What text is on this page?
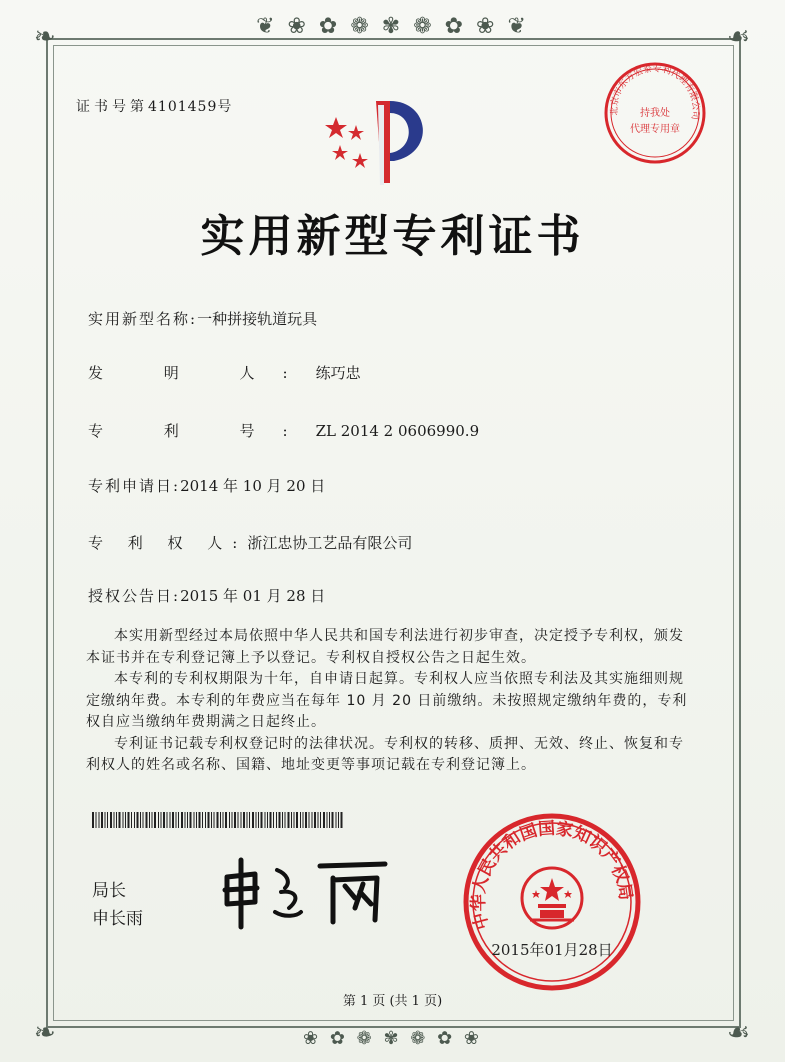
❦ ❀ ✿ ❁ ✾ ❁ ✿ ❀ ❦
❧	☙
❧	☙
❀ ✿ ❁ ✾ ❁ ✿ ❀
证书号第4101459号	北京市东方宏泰专利代理有限公司
持我处
代理专用章
实用新型专利证书
实用新型名称:一种拼接轨道玩具
发 明 人:练巧忠
专 利 号:ZL 2014 2 0606990.9
专利申请日:2014 年 10 月 20 日
专 利 权 人:浙江忠协工艺品有限公司
授权公告日:2015 年 01 月 28 日

本实用新型经过本局依照中华人民共和国专利法进行初步审查，决定授予专利权，颁发本证书并在专利登记簿上予以登记。专利权自授权公告之日起生效。

本专利的专利权期限为十年，自申请日起算。专利权人应当依照专利法及其实施细则规定缴纳年费。本专利的年费应当在每年 10 月 20 日前缴纳。未按照规定缴纳年费的，专利权自应当缴纳年费期满之日起终止。

专利证书记载专利权登记时的法律状况。专利权的转移、质押、无效、终止、恢复和专利权人的姓名或名称、国籍、地址变更等事项记载在专利登记簿上。

局长
申长雨	中华人民共和国国家知识产权局
2015年01月28日
第 1 页 (共 1 页)
